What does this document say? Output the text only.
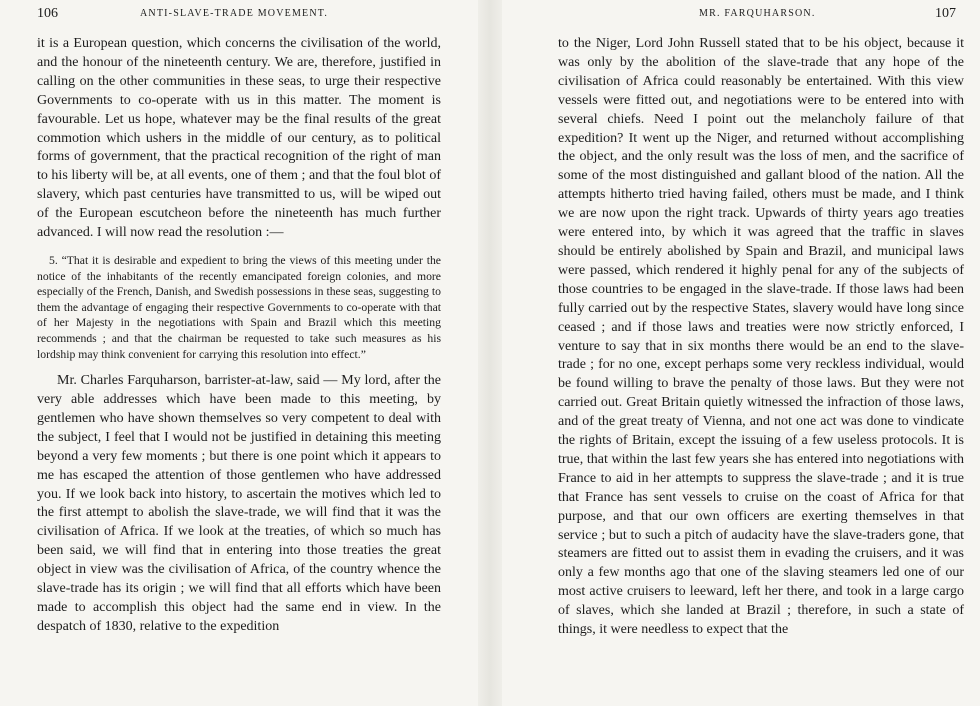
106	ANTI-SLAVE-TRADE MOVEMENT.

it is a European question, which concerns the civilisation of the world, and the honour of the nineteenth century. We are, therefore, justified in calling on the other communities in these seas, to urge their respective Governments to co-operate with us in this matter. The moment is favourable. Let us hope, whatever may be the final results of the great commotion which ushers in the middle of our century, as to political forms of government, that the practical recognition of the right of man to his liberty will be, at all events, one of them ; and that the foul blot of slavery, which past centuries have transmitted to us, will be wiped out of the European escutcheon before the nineteenth has much further advanced. I will now read the resolution :—

5. “That it is desirable and expedient to bring the views of this meeting under the notice of the inhabitants of the recently emancipated foreign colonies, and more especially of the French, Danish, and Swedish possessions in these seas, suggesting to them the advantage of engaging their respective Governments to co-operate with that of her Majesty in the negotiations with Spain and Brazil which this meeting recommends ; and that the chairman be requested to take such measures as his lordship may think convenient for carrying this resolution into effect.”

Mr. Charles Farquharson, barrister-at-law, said — My lord, after the very able addresses which have been made to this meeting, by gentlemen who have shown themselves so very competent to deal with the subject, I feel that I would not be justified in detaining this meeting beyond a very few moments ; but there is one point which it appears to me has escaped the attention of those gentlemen who have addressed you. If we look back into history, to ascertain the motives which led to the first attempt to abolish the slave-trade, we will find that it was the civilisation of Africa. If we look at the treaties, of which so much has been said, we will find that in entering into those treaties the great object in view was the civilisation of Africa, of the country whence the slave-trade has its origin ; we will find that all efforts which have been made to accomplish this object had the same end in view. In the despatch of 1830, relative to the expedition

MR. FARQUHARSON.	107

to the Niger, Lord John Russell stated that to be his object, because it was only by the abolition of the slave-trade that any hope of the civilisation of Africa could reasonably be entertained. With this view vessels were fitted out, and negotiations were to be entered into with several chiefs. Need I point out the melancholy failure of that expedition? It went up the Niger, and returned without accomplishing the object, and the only result was the loss of men, and the sacrifice of some of the most distinguished and gallant blood of the nation. All the attempts hitherto tried having failed, others must be made, and I think we are now upon the right track. Upwards of thirty years ago treaties were entered into, by which it was agreed that the traffic in slaves should be entirely abolished by Spain and Brazil, and municipal laws were passed, which rendered it highly penal for any of the subjects of those countries to be engaged in the slave-trade. If those laws had been fully carried out by the respective States, slavery would have long since ceased ; and if those laws and treaties were now strictly enforced, I venture to say that in six months there would be an end to the slave-trade ; for no one, except perhaps some very reckless individual, would be found willing to brave the penalty of those laws. But they were not carried out. Great Britain quietly witnessed the infraction of those laws, and of the great treaty of Vienna, and not one act was done to vindicate the rights of Britain, except the issuing of a few useless protocols. It is true, that within the last few years she has entered into negotiations with France to aid in her attempts to suppress the slave-trade ; and it is true that France has sent vessels to cruise on the coast of Africa for that purpose, and that our own officers are exerting themselves in that service ; but to such a pitch of audacity have the slave-traders gone, that steamers are fitted out to assist them in evading the cruisers, and it was only a few months ago that one of the slaving steamers led one of our most active cruisers to leeward, left her there, and took in a large cargo of slaves, which she landed at Brazil ; therefore, in such a state of things, it were needless to expect that the
